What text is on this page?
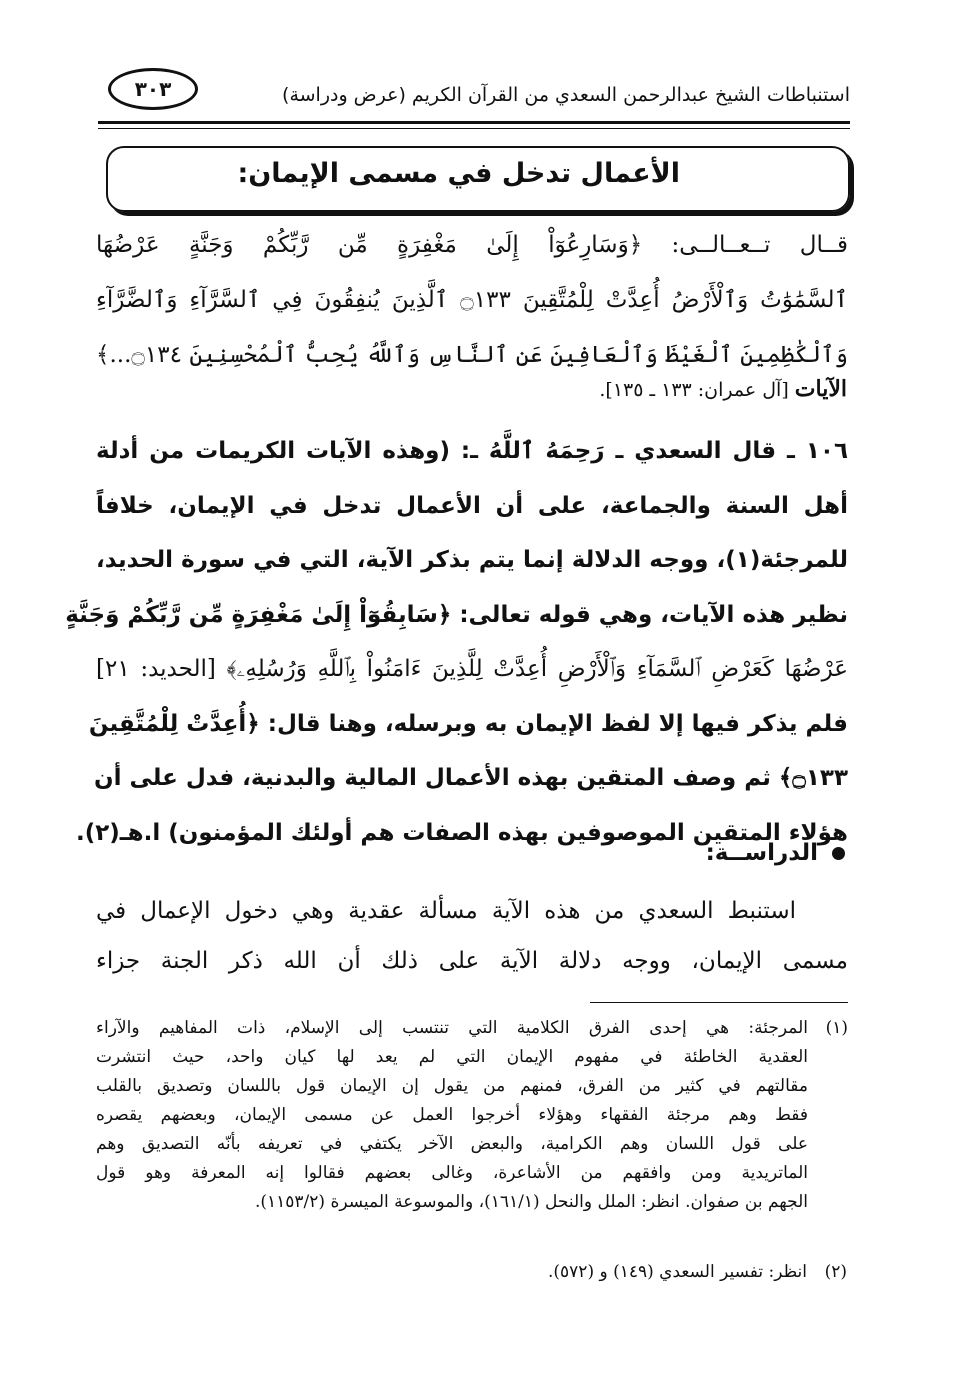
٣٠٣	استنباطات الشيخ عبدالرحمن السعدي من القرآن الكريم (عرض ودراسة)
الأعمال تدخل في مسمى الإيمان:
قــال تــعــالــى: ﴿وَسَارِعُوٓاْ إِلَىٰ مَغْفِرَةٍ مِّن رَّبِّكُمْ وَجَنَّةٍ عَرْضُهَا
ٱلسَّمَٰوَٰتُ وَٱلْأَرْضُ أُعِدَّتْ لِلْمُتَّقِينَ ۝١٣٣ ٱلَّذِينَ يُنفِقُونَ فِي ٱلسَّرَّآءِ وَٱلضَّرَّآءِ
وَٱلْكَٰظِمِينَ ٱلْغَيْظَ وَٱلْعَافِينَ عَنِ ٱلنَّاسِ وَٱللَّهُ يُحِبُّ ٱلْمُحْسِنِينَ ۝١٣٤...﴾
الآيات [آل عمران: ١٣٣ ـ ١٣٥].
١٠٦ ـ قال السعدي ـ رَحِمَهُ ٱللَّهُ ـ: (وهذه الآيات الكريمات من أدلة
أهل السنة والجماعة، على أن الأعمال تدخل في الإيمان، خلافاً
للمرجئة(١)، ووجه الدلالة إنما يتم بذكر الآية، التي في سورة الحديد،
نظير هذه الآيات، وهي قوله تعالى: ﴿سَابِقُوٓاْ إِلَىٰ مَغْفِرَةٍ مِّن رَّبِّكُمْ وَجَنَّةٍ
عَرْضُهَا كَعَرْضِ ٱلسَّمَآءِ وَٱلْأَرْضِ أُعِدَّتْ لِلَّذِينَ ءَامَنُواْ بِٱللَّهِ وَرُسُلِهِۦ﴾ [الحديد: ٢١]
فلم يذكر فيها إلا لفظ الإيمان به وبرسله، وهنا قال: ﴿أُعِدَّتْ لِلْمُتَّقِينَ
۝١٣٣﴾ ثم وصف المتقين بهذه الأعمال المالية والبدنية، فدل على أن
هؤلاء المتقين الموصوفين بهذه الصفات هم أولئك المؤمنون) ا.هـ(٢).
الدراســة:
استنبط السعدي من هذه الآية مسألة عقدية وهي دخول الإعمال في
مسمى الإيمان، ووجه دلالة الآية على ذلك أن الله ذكر الجنة جزاء
(١)المرجئة: هي إحدى الفرق الكلامية التي تنتسب إلى الإسلام، ذات المفاهيم والآراء
العقدية الخاطئة في مفهوم الإيمان التي لم يعد لها كيان واحد، حيث انتشرت
مقالتهم في كثير من الفرق، فمنهم من يقول إن الإيمان قول باللسان وتصديق بالقلب
فقط وهم مرجئة الفقهاء وهؤلاء أخرجوا العمل عن مسمى الإيمان، وبعضهم يقصره
على قول اللسان وهم الكرامية، والبعض الآخر يكتفي في تعريفه بأنّه التصديق وهم
الماتريدية ومن وافقهم من الأشاعرة، وغالى بعضهم فقالوا إنه المعرفة وهو قول
الجهم بن صفوان. انظر: الملل والنحل (١٦١/١)، والموسوعة الميسرة (١١٥٣/٢).
(٢)انظر: تفسير السعدي (١٤٩) و (٥٧٢).
